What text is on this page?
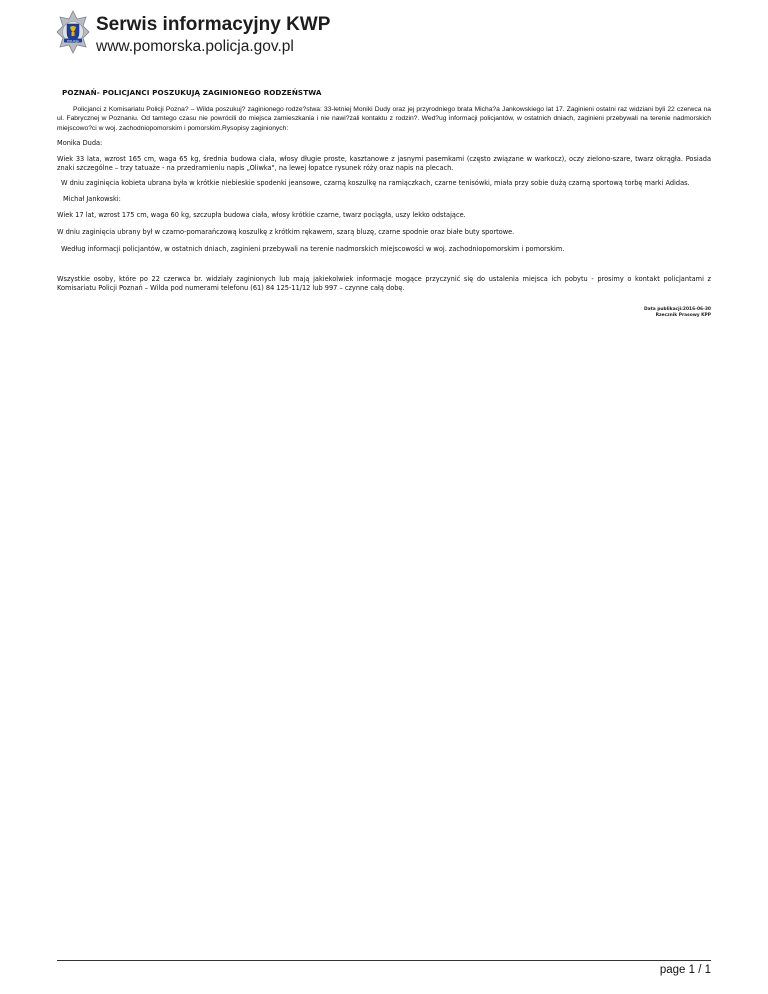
POLICJA
Serwis informacyjny KWP
www.pomorska.policja.gov.pl
POZNAŃ- POLICJANCI POSZUKUJĄ ZAGINIONEGO RODZEŃSTWA

Policjanci z Komisariatu Policji Pozna? – Wilda poszukuj? zaginionego rodze?stwa: 33-letniej Moniki Dudy oraz jej przyrodniego brata Micha?a Jankowskiego lat 17. Zaginieni ostatni raz widziani byli 22 czerwca na ul. Fabrycznej w Poznaniu. Od tamtego czasu nie powrócili do miejsca zamieszkania i nie nawi?zali kontaktu z rodzin?. Wed?ug informacji policjantów, w ostatnich dniach, zaginieni przebywali na terenie nadmorskich miejscowo?ci w woj. zachodniopomorskim i pomorskim.Rysopisy zaginionych:

Monika Duda:

Wiek 33 lata, wzrost 165 cm, waga 65 kg, średnia budowa ciała, włosy długie proste, kasztanowe z jasnymi pasemkami (często związane w warkocz), oczy zielono-szare, twarz okrągła. Posiada znaki szczególne – trzy tatuaże - na przedramieniu napis „Oliwka", na lewej łopatce rysunek róży oraz napis na plecach.

W dniu zaginięcia kobieta ubrana była w krótkie niebieskie spodenki jeansowe, czarną koszulkę na ramiączkach, czarne tenisówki, miała przy sobie dużą czarną sportową torbę marki Adidas.

Michał Jankowski:

Wiek 17 lat, wzrost 175 cm, waga 60 kg, szczupła budowa ciała, włosy krótkie czarne, twarz pociągła, uszy lekko odstające.

W dniu zaginięcia ubrany był w czarno-pomarańczową koszulkę z krótkim rękawem, szarą bluzę, czarne spodnie oraz białe buty sportowe.

Według informacji policjantów, w ostatnich dniach, zaginieni przebywali na terenie nadmorskich miejscowości w woj. zachodniopomorskim i pomorskim.

Wszystkie osoby, które po 22 czerwca br. widziały zaginionych lub mają jakiekolwiek informacje mogące przyczynić się do ustalenia miejsca ich pobytu - prosimy o kontakt policjantami z Komisariatu Policji Poznań – Wilda pod numerami telefonu (61) 84 125-11/12 lub 997 – czynne całą dobę.

Data publikacji:2016-06-30
Rzecznik Prasowy KPP
page 1 / 1
